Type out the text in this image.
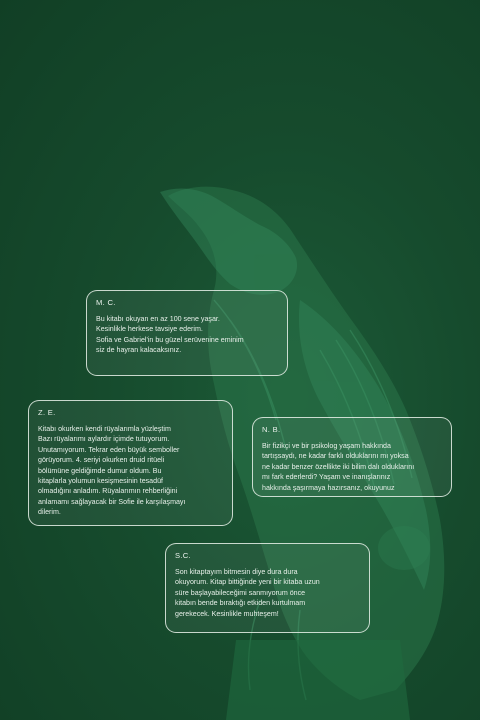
M. C.
Bu kitabı okuyan en az 100 sene yaşar.
Kesinlikle herkese tavsiye ederim.
Sofia ve Gabriel'in bu güzel serüvenine eminim
siz de hayran kalacaksınız.
Z. E.
Kitabı okurken kendi rüyalarımla yüzleştim
Bazı rüyalarımı aylardır içimde tutuyorum.
Unutamıyorum. Tekrar eden büyük semboller
görüyorum. 4. seriyi okurken druid ritüeli
bölümüne geldiğimde dumur oldum. Bu
kitaplarla yolumun kesişmesinin tesadüf
olmadığını anladım. Rüyalarımın rehberliğini
anlamamı sağlayacak bir Sofie ile karşılaşmayı
dilerim.
N. B.
Bir fizikçi ve bir psikolog yaşam hakkında
tartışsaydı, ne kadar farklı olduklarını mı yoksa
ne kadar benzer özellikte iki bilim dalı olduklarını
mı fark ederlerdi? Yaşam ve inanışlarınız
hakkında şaşırmaya hazırsanız, okuyunuz
S.C.
Son kitaptayım bitmesin diye dura dura
okuyorum. Kitap bittiğinde yeni bir kitaba uzun
süre başlayabileceğimi sanmıyorum önce
kitabın bende bıraktığı etkiden kurtulmam
gerekecek. Kesinlikle muhteşem!
